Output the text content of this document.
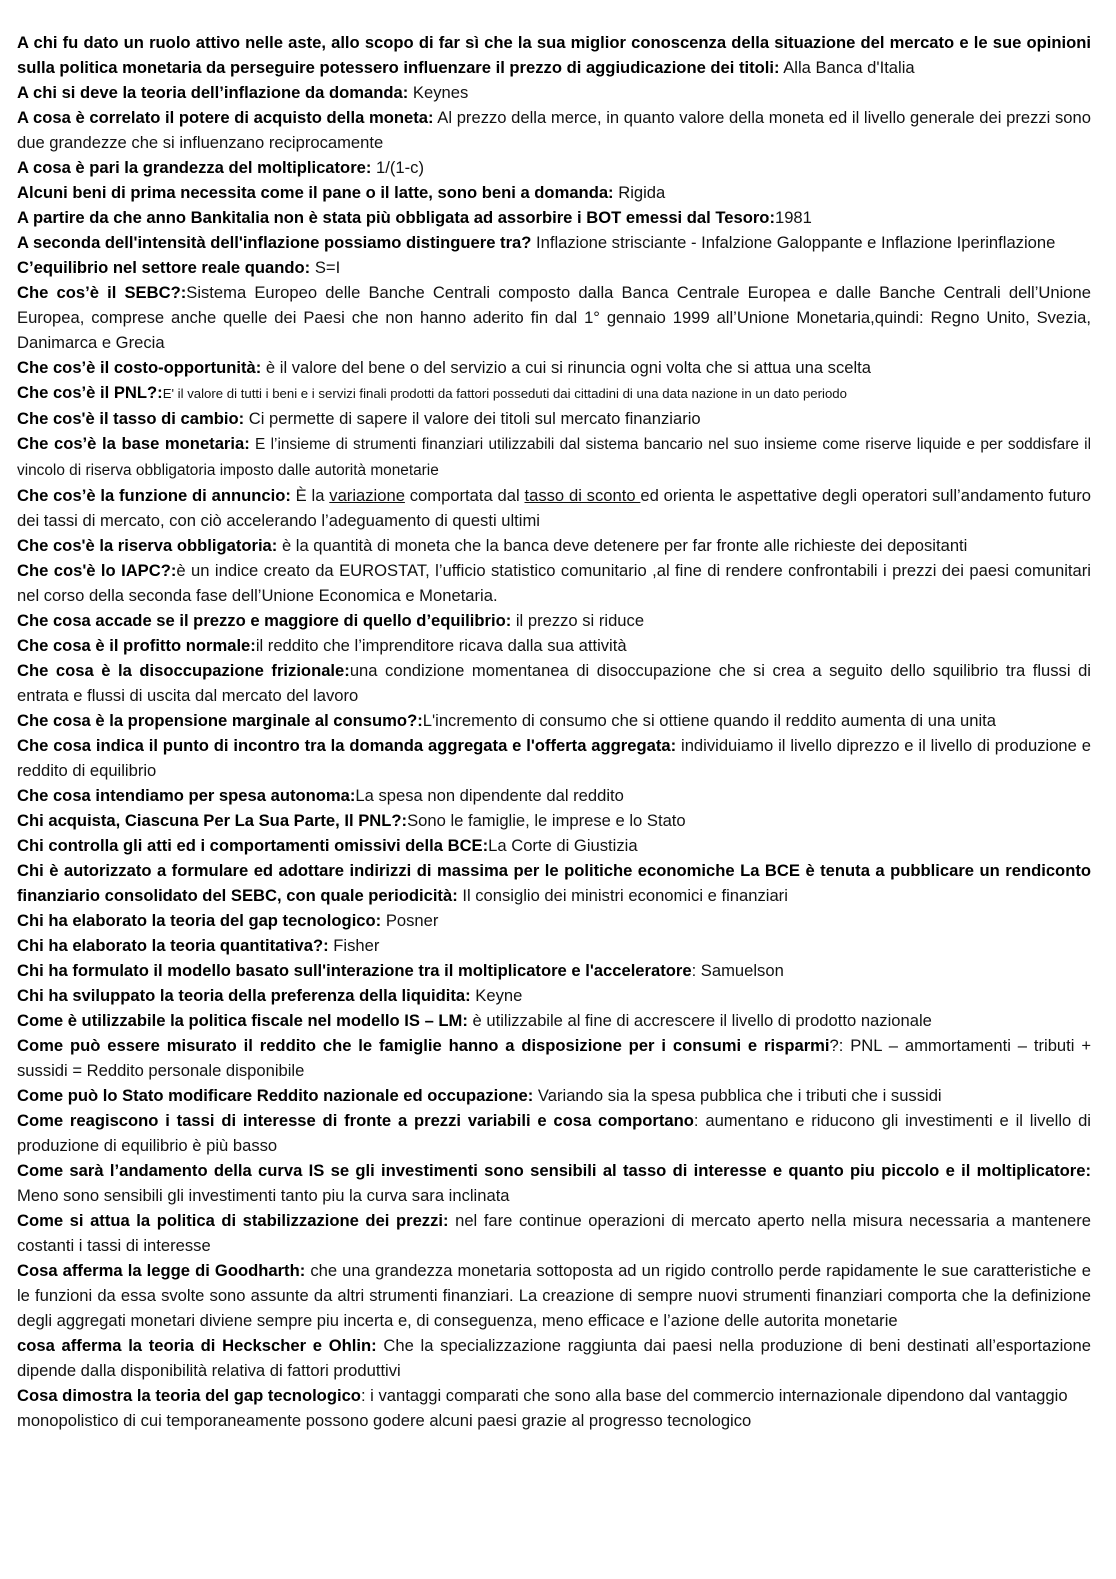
A chi fu dato un ruolo attivo nelle aste, allo scopo di far sì che la sua miglior conoscenza della situazione del mercato e le sue opinioni sulla politica monetaria da perseguire potessero influenzare il prezzo di aggiudicazione dei titoli: Alla Banca d'Italia

A chi si deve la teoria dell’inflazione da domanda: Keynes

A cosa è correlato il potere di acquisto della moneta: Al prezzo della merce, in quanto valore della moneta ed il livello generale dei prezzi sono due grandezze che si influenzano reciprocamente

A cosa è pari la grandezza del moltiplicatore: 1/(1-c)

Alcuni beni di prima necessita come il pane o il latte, sono beni a domanda: Rigida

A partire da che anno Bankitalia non è stata più obbligata ad assorbire i BOT emessi dal Tesoro:1981

A seconda dell'intensità dell'inflazione possiamo distinguere tra? Inflazione strisciante - Infalzione Galoppante e Inflazione Iperinflazione

C’equilibrio nel settore reale quando: S=I

Che cos’è il SEBC?:Sistema Europeo delle Banche Centrali composto dalla Banca Centrale Europea e dalle Banche Centrali dell’Unione Europea, comprese anche quelle dei Paesi che non hanno aderito fin dal 1° gennaio 1999 all’Unione Monetaria,quindi: Regno Unito, Svezia, Danimarca e Grecia

Che cos’è il costo-opportunità: è il valore del bene o del servizio a cui si rinuncia ogni volta che si attua una scelta

Che cos’è il PNL?:E' il valore di tutti i beni e i servizi finali prodotti da fattori posseduti dai cittadini di una data nazione in un dato periodo

Che cos'è il tasso di cambio: Ci permette di sapere il valore dei titoli sul mercato finanziario

Che cos’è la base monetaria: E l’insieme di strumenti finanziari utilizzabili dal sistema bancario nel suo insieme come riserve liquide e per soddisfare il vincolo di riserva obbligatoria imposto dalle autorità monetarie

Che cos’è la funzione di annuncio: È la variazione comportata dal tasso di sconto ed orienta le aspettative degli operatori sull’andamento futuro dei tassi di mercato, con ciò accelerando l’adeguamento di questi ultimi

Che cos'è la riserva obbligatoria: è la quantità di moneta che la banca deve detenere per far fronte alle richieste dei depositanti

Che cos'è lo IAPC?:è un indice creato da EUROSTAT, l’ufficio statistico comunitario ,al fine di rendere confrontabili i prezzi dei paesi comunitari nel corso della seconda fase dell’Unione Economica e Monetaria.

Che cosa accade se il prezzo e maggiore di quello d’equilibrio: il prezzo si riduce

Che cosa è il profitto normale:il reddito che l’imprenditore ricava dalla sua attività

Che cosa è la disoccupazione frizionale:una condizione momentanea di disoccupazione che si crea a seguito dello squilibrio tra flussi di entrata e flussi di uscita dal mercato del lavoro

Che cosa è la propensione marginale al consumo?:L'incremento di consumo che si ottiene quando il reddito aumenta di una unita

Che cosa indica il punto di incontro tra la domanda aggregata e l'offerta aggregata: individuiamo il livello diprezzo e il livello di produzione e reddito di equilibrio

Che cosa intendiamo per spesa autonoma:La spesa non dipendente dal reddito

Chi acquista, Ciascuna Per La Sua Parte, Il PNL?:Sono le famiglie, le imprese e lo Stato

Chi controlla gli atti ed i comportamenti omissivi della BCE:La Corte di Giustizia

Chi è autorizzato a formulare ed adottare indirizzi di massima per le politiche economiche La BCE è tenuta a pubblicare un rendiconto finanziario consolidato del SEBC, con quale periodicità: Il consiglio dei ministri economici e finanziari

Chi ha elaborato la teoria del gap tecnologico: Posner

Chi ha elaborato la teoria quantitativa?: Fisher

Chi ha formulato il modello basato sull'interazione tra il moltiplicatore e l'acceleratore: Samuelson

Chi ha sviluppato la teoria della preferenza della liquidita: Keyne

Come è utilizzabile la politica fiscale nel modello IS – LM: è utilizzabile al fine di accrescere il livello di prodotto nazionale

Come può essere misurato il reddito che le famiglie hanno a disposizione per i consumi e risparmi?: PNL – ammortamenti – tributi + sussidi = Reddito personale disponibile

Come può lo Stato modificare Reddito nazionale ed occupazione: Variando sia la spesa pubblica che i tributi che i sussidi

Come reagiscono i tassi di interesse di fronte a prezzi variabili e cosa comportano: aumentano e riducono gli investimenti e il livello di produzione di equilibrio è più basso

Come sarà l’andamento della curva IS se gli investimenti sono sensibili al tasso di interesse e quanto piu piccolo e il moltiplicatore: Meno sono sensibili gli investimenti tanto piu la curva sara inclinata

Come si attua la politica di stabilizzazione dei prezzi: nel fare continue operazioni di mercato aperto nella misura necessaria a mantenere costanti i tassi di interesse

Cosa afferma la legge di Goodharth: che una grandezza monetaria sottoposta ad un rigido controllo perde rapidamente le sue caratteristiche e le funzioni da essa svolte sono assunte da altri strumenti finanziari. La creazione di sempre nuovi strumenti finanziari comporta che la definizione degli aggregati monetari diviene sempre piu incerta e, di conseguenza, meno efficace e l’azione delle autorita monetarie

cosa afferma la teoria di Heckscher e Ohlin: Che la specializzazione raggiunta dai paesi nella produzione di beni destinati all’esportazione dipende dalla disponibilità relativa di fattori produttivi

Cosa dimostra la teoria del gap tecnologico: i vantaggi comparati che sono alla base del commercio internazionale dipendono dal vantaggio monopolistico di cui temporaneamente possono godere alcuni paesi grazie al progresso tecnologico
